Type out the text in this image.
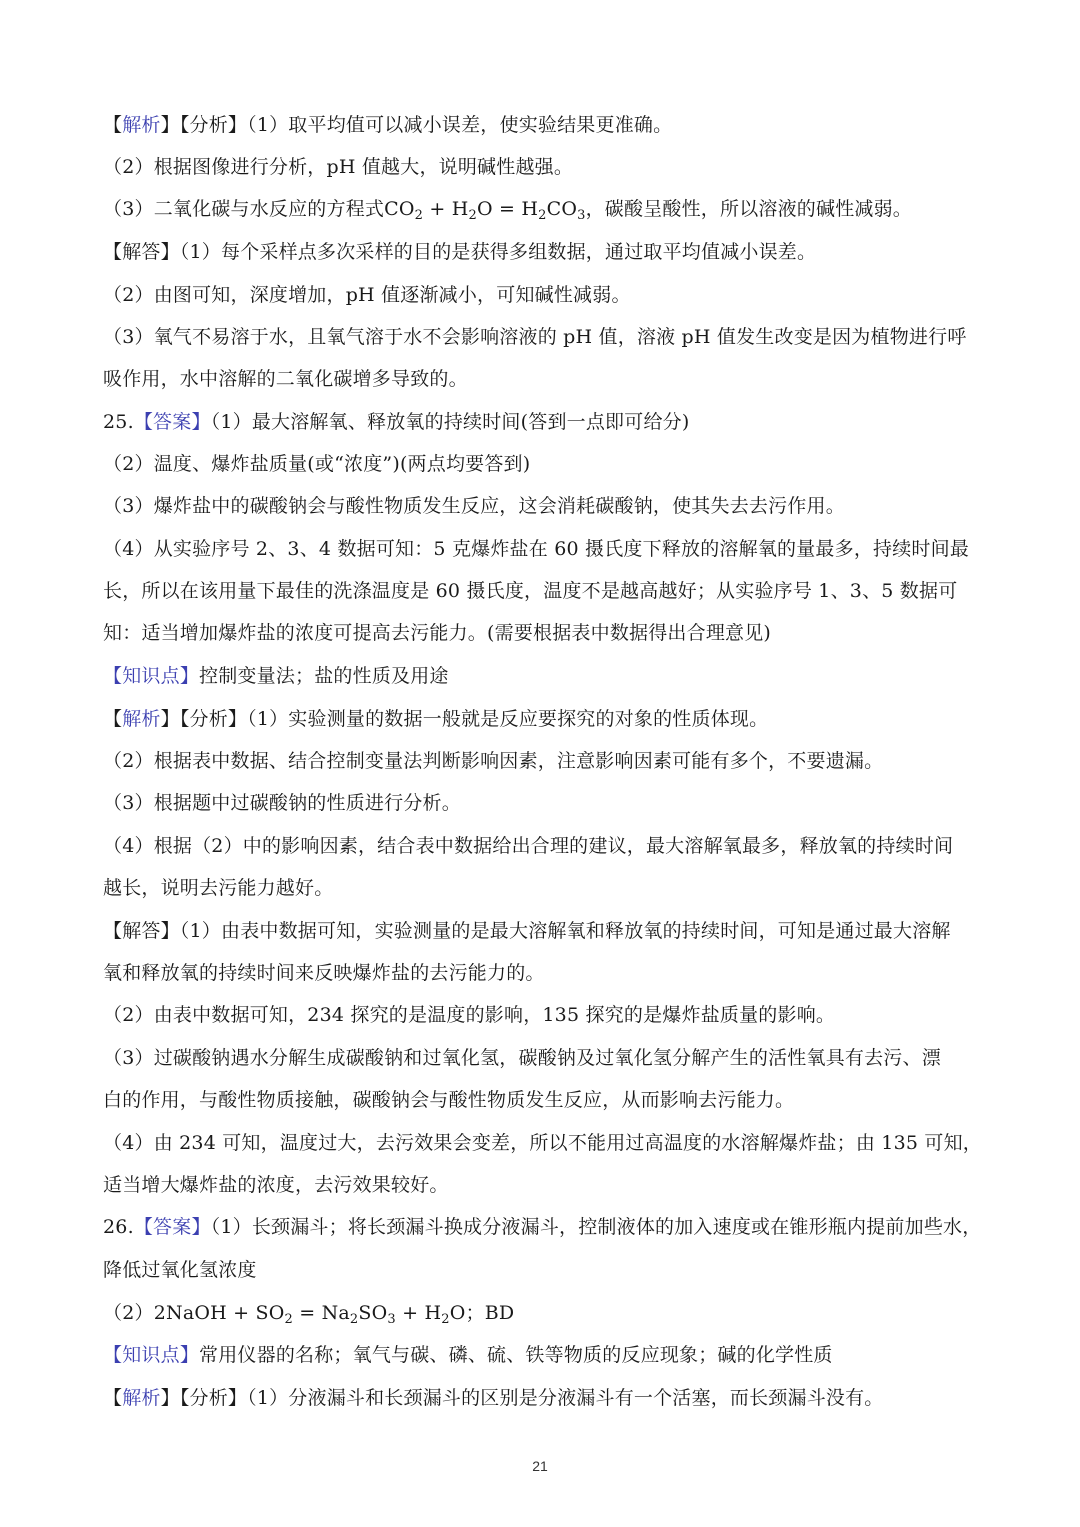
【解析】【分析】（1）取平均值可以减小误差，使实验结果更准确。
（2）根据图像进行分析，pH 值越大，说明碱性越强。
（3）二氧化碳与水反应的方程式$CO_2 + H_2O = H_2CO_3$，碳酸呈酸性，所以溶液的碱性减弱。
【解答】（1）每个采样点多次采样的目的是获得多组数据，通过取平均值减小误差。
（2）由图可知，深度增加，pH 值逐渐减小，可知碱性减弱。
（3）氧气不易溶于水，且氧气溶于水不会影响溶液的 pH 值，溶液 pH 值发生改变是因为植物进行呼
吸作用，水中溶解的二氧化碳增多导致的。
25.【答案】（1）最大溶解氧、释放氧的持续时间(答到一点即可给分)
（2）温度、爆炸盐质量(或“浓度”)(两点均要答到)
（3）爆炸盐中的碳酸钠会与酸性物质发生反应，这会消耗碳酸钠，使其失去去污作用。
（4）从实验序号 2、3、4 数据可知：5 克爆炸盐在 60 摄氏度下释放的溶解氧的量最多，持续时间最
长，所以在该用量下最佳的洗涤温度是 60 摄氏度，温度不是越高越好；从实验序号 1、3、5 数据可
知：适当增加爆炸盐的浓度可提高去污能力。(需要根据表中数据得出合理意见)
【知识点】控制变量法；盐的性质及用途
【解析】【分析】（1）实验测量的数据一般就是反应要探究的对象的性质体现。
（2）根据表中数据、结合控制变量法判断影响因素，注意影响因素可能有多个，不要遗漏。
（3）根据题中过碳酸钠的性质进行分析。
（4）根据（2）中的影响因素，结合表中数据给出合理的建议，最大溶解氧最多，释放氧的持续时间
越长，说明去污能力越好。
【解答】（1）由表中数据可知，实验测量的是最大溶解氧和释放氧的持续时间，可知是通过最大溶解
氧和释放氧的持续时间来反映爆炸盐的去污能力的。
（2）由表中数据可知，234 探究的是温度的影响，135 探究的是爆炸盐质量的影响。
（3）过碳酸钠遇水分解生成碳酸钠和过氧化氢，碳酸钠及过氧化氢分解产生的活性氧具有去污、漂
白的作用，与酸性物质接触，碳酸钠会与酸性物质发生反应，从而影响去污能力。
（4）由 234 可知，温度过大，去污效果会变差，所以不能用过高温度的水溶解爆炸盐；由 135 可知，
适当增大爆炸盐的浓度，去污效果较好。
26.【答案】（1）长颈漏斗；将长颈漏斗换成分液漏斗，控制液体的加入速度或在锥形瓶内提前加些水，
降低过氧化氢浓度
（2）2NaOH + $SO_2 = Na_2SO_3 + H_2O$；BD
【知识点】常用仪器的名称；氧气与碳、磷、硫、铁等物质的反应现象；碱的化学性质
【解析】【分析】（1）分液漏斗和长颈漏斗的区别是分液漏斗有一个活塞，而长颈漏斗没有。
21
